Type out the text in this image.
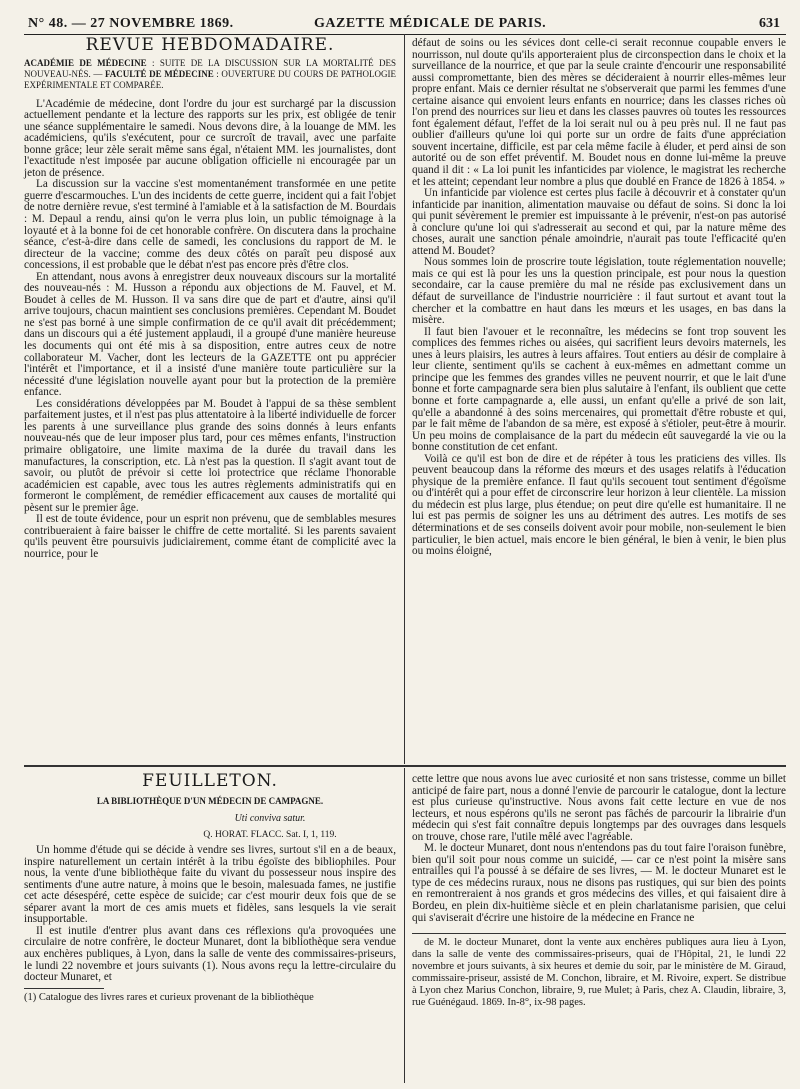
N° 48. — 27 NOVEMBRE 1869.	GAZETTE MÉDICALE DE PARIS.	631
REVUE HEBDOMADAIRE.
ACADÉMIE DE MÉDECINE : SUITE DE LA DISCUSSION SUR LA MORTALITÉ DES NOUVEAU-NÉS. — FACULTÉ DE MÉDECINE : OUVERTURE DU COURS DE PATHOLOGIE EXPÉRIMENTALE ET COMPARÉE.

L'Académie de médecine, dont l'ordre du jour est surchargé par la discussion actuellement pendante et la lecture des rapports sur les prix, est obligée de tenir une séance supplémentaire le samedi. Nous devons dire, à la louange de MM. les académiciens, qu'ils s'exécutent, pour ce surcroît de travail, avec une parfaite bonne grâce; leur zèle serait même sans égal, n'étaient MM. les journalistes, dont l'exactitude n'est imposée par aucune obligation officielle ni encouragée par un jeton de présence.

La discussion sur la vaccine s'est momentanément transformée en une petite guerre d'escarmouches. L'un des incidents de cette guerre, incident qui a fait l'objet de notre dernière revue, s'est terminé à l'amiable et à la satisfaction de M. Bourdais : M. Depaul a rendu, ainsi qu'on le verra plus loin, un public témoignage à la loyauté et à la bonne foi de cet honorable confrère. On discutera dans la prochaine séance, c'est-à-dire dans celle de samedi, les conclusions du rapport de M. le directeur de la vaccine; comme des deux côtés on paraît peu disposé aux concessions, il est probable que le débat n'est pas encore près d'être clos.

En attendant, nous avons à enregistrer deux nouveaux discours sur la mortalité des nouveau-nés : M. Husson a répondu aux objections de M. Fauvel, et M. Boudet à celles de M. Husson. Il va sans dire que de part et d'autre, ainsi qu'il arrive toujours, chacun maintient ses conclusions premières. Cependant M. Boudet ne s'est pas borné à une simple confirmation de ce qu'il avait dit précédemment; dans un discours qui a été justement applaudi, il a groupé d'une manière heureuse les documents qui ont été mis à sa disposition, entre autres ceux de notre collaborateur M. Vacher, dont les lecteurs de la GAZETTE ont pu apprécier l'intérêt et l'importance, et il a insisté d'une manière toute particulière sur la nécessité d'une législation nouvelle ayant pour but la protection de la première enfance.

Les considérations développées par M. Boudet à l'appui de sa thèse semblent parfaitement justes, et il n'est pas plus attentatoire à la liberté individuelle de forcer les parents à une surveillance plus grande des soins donnés à leurs enfants nouveau-nés que de leur imposer plus tard, pour ces mêmes enfants, l'instruction primaire obligatoire, une limite maxima de la durée du travail dans les manufactures, la conscription, etc. Là n'est pas la question. Il s'agit avant tout de savoir, ou plutôt de prévoir si cette loi protectrice que réclame l'honorable académicien est capable, avec tous les autres règlements administratifs qui en formeront le complément, de remédier efficacement aux causes de mortalité qui pèsent sur le premier âge.

Il est de toute évidence, pour un esprit non prévenu, que de semblables mesures contribueraient à faire baisser le chiffre de cette mortalité. Si les parents savaient qu'ils peuvent être poursuivis judiciairement, comme étant de complicité avec la nourrice, pour le

défaut de soins ou les sévices dont celle-ci serait reconnue coupable envers le nourrisson, nul doute qu'ils apporteraient plus de circonspection dans le choix et la surveillance de la nourrice, et que par la seule crainte d'encourir une responsabilité aussi compromettante, bien des mères se décideraient à nourrir elles-mêmes leur propre enfant. Mais ce dernier résultat ne s'observerait que parmi les femmes d'une certaine aisance qui envoient leurs enfants en nourrice; dans les classes riches où l'on prend des nourrices sur lieu et dans les classes pauvres où toutes les ressources font également défaut, l'effet de la loi serait nul ou à peu près nul. Il ne faut pas oublier d'ailleurs qu'une loi qui porte sur un ordre de faits d'une appréciation souvent incertaine, difficile, est par cela même facile à éluder, et perd ainsi de son autorité ou de son effet préventif. M. Boudet nous en donne lui-même la preuve quand il dit : « La loi punit les infanticides par violence, le magistrat les recherche et les atteint; cependant leur nombre a plus que doublé en France de 1826 à 1854. »

Un infanticide par violence est certes plus facile à découvrir et à constater qu'un infanticide par inanition, alimentation mauvaise ou défaut de soins. Si donc la loi qui punit sévèrement le premier est impuissante à le prévenir, n'est-on pas autorisé à conclure qu'une loi qui s'adresserait au second et qui, par la nature même des choses, aurait une sanction pénale amoindrie, n'aurait pas toute l'efficacité qu'en attend M. Boudet?

Nous sommes loin de proscrire toute législation, toute réglementation nouvelle; mais ce qui est là pour les uns la question principale, est pour nous la question secondaire, car la cause première du mal ne réside pas exclusivement dans un défaut de surveillance de l'industrie nourricière : il faut surtout et avant tout la chercher et la combattre en haut dans les mœurs et les usages, en bas dans la misère.

Il faut bien l'avouer et le reconnaître, les médecins se font trop souvent les complices des femmes riches ou aisées, qui sacrifient leurs devoirs maternels, les unes à leurs plaisirs, les autres à leurs affaires. Tout entiers au désir de complaire à leur cliente, sentiment qu'ils se cachent à eux-mêmes en admettant comme un principe que les femmes des grandes villes ne peuvent nourrir, et que le lait d'une bonne et forte campagnarde sera bien plus salutaire à l'enfant, ils oublient que cette bonne et forte campagnarde a, elle aussi, un enfant qu'elle a privé de son lait, qu'elle a abandonné à des soins mercenaires, qui promettait d'être robuste et qui, par le fait même de l'abandon de sa mère, est exposé à s'étioler, peut-être à mourir. Un peu moins de complaisance de la part du médecin eût sauvegardé la vie ou la bonne constitution de cet enfant.

Voilà ce qu'il est bon de dire et de répéter à tous les praticiens des villes. Ils peuvent beaucoup dans la réforme des mœurs et des usages relatifs à l'éducation physique de la première enfance. Il faut qu'ils secouent tout sentiment d'égoïsme ou d'intérêt qui a pour effet de circonscrire leur horizon à leur clientèle. La mission du médecin est plus large, plus étendue; on peut dire qu'elle est humanitaire. Il ne lui est pas permis de soigner les uns au détriment des autres. Les motifs de ses déterminations et de ses conseils doivent avoir pour mobile, non-seulement le bien particulier, le bien actuel, mais encore le bien général, le bien à venir, le bien plus ou moins éloigné,

FEUILLETON.
LA BIBLIOTHÈQUE D'UN MÉDECIN DE CAMPAGNE.
Uti conviva satur.
Q. HORAT. FLACC. Sat. I, 1, 119.

Un homme d'étude qui se décide à vendre ses livres, surtout s'il en a de beaux, inspire naturellement un certain intérêt à la tribu égoïste des bibliophiles. Pour nous, la vente d'une bibliothèque faite du vivant du possesseur nous inspire des sentiments d'une autre nature, à moins que le besoin, malesuada fames, ne justifie cet acte désespéré, cette espèce de suicide; car c'est mourir deux fois que de se séparer avant la mort de ces amis muets et fidèles, sans lesquels la vie serait insupportable.

Il est inutile d'entrer plus avant dans ces réflexions qu'a provoquées une circulaire de notre confrère, le docteur Munaret, dont la bibliothèque sera vendue aux enchères publiques, à Lyon, dans la salle de vente des commissaires-priseurs, le lundi 22 novembre et jours suivants (1). Nous avons reçu la lettre-circulaire du docteur Munaret, et

(1) Catalogue des livres rares et curieux provenant de la bibliothèque

cette lettre que nous avons lue avec curiosité et non sans tristesse, comme un billet anticipé de faire part, nous a donné l'envie de parcourir le catalogue, dont la lecture est plus curieuse qu'instructive. Nous avons fait cette lecture en vue de nos lecteurs, et nous espérons qu'ils ne seront pas fâchés de parcourir la librairie d'un médecin qui s'est fait connaître depuis longtemps par des ouvrages dans lesquels on trouve, chose rare, l'utile mêlé avec l'agréable.

M. le docteur Munaret, dont nous n'entendons pas du tout faire l'oraison funèbre, bien qu'il soit pour nous comme un suicidé, — car ce n'est point la misère sans entrailles qui l'a poussé à se défaire de ses livres, — M. le docteur Munaret est le type de ces médecins ruraux, nous ne disons pas rustiques, qui sur bien des points en remontreraient à nos grands et gros médecins des villes, et qui faisaient dire à Bordeu, en plein dix-huitième siècle et en plein charlatanisme parisien, que celui qui s'aviserait d'écrire une histoire de la médecine en France ne

de M. le docteur Munaret, dont la vente aux enchères publiques aura lieu à Lyon, dans la salle de vente des commissaires-priseurs, quai de l'Hôpital, 21, le lundi 22 novembre et jours suivants, à six heures et demie du soir, par le ministère de M. Giraud, commissaire-priseur, assisté de M. Conchon, libraire, et M. Rivoire, expert. Se distribue à Lyon chez Marius Conchon, libraire, 9, rue Mulet; à Paris, chez A. Claudin, libraire, 3, rue Guénégaud. 1869. In-8°, ix-98 pages.
